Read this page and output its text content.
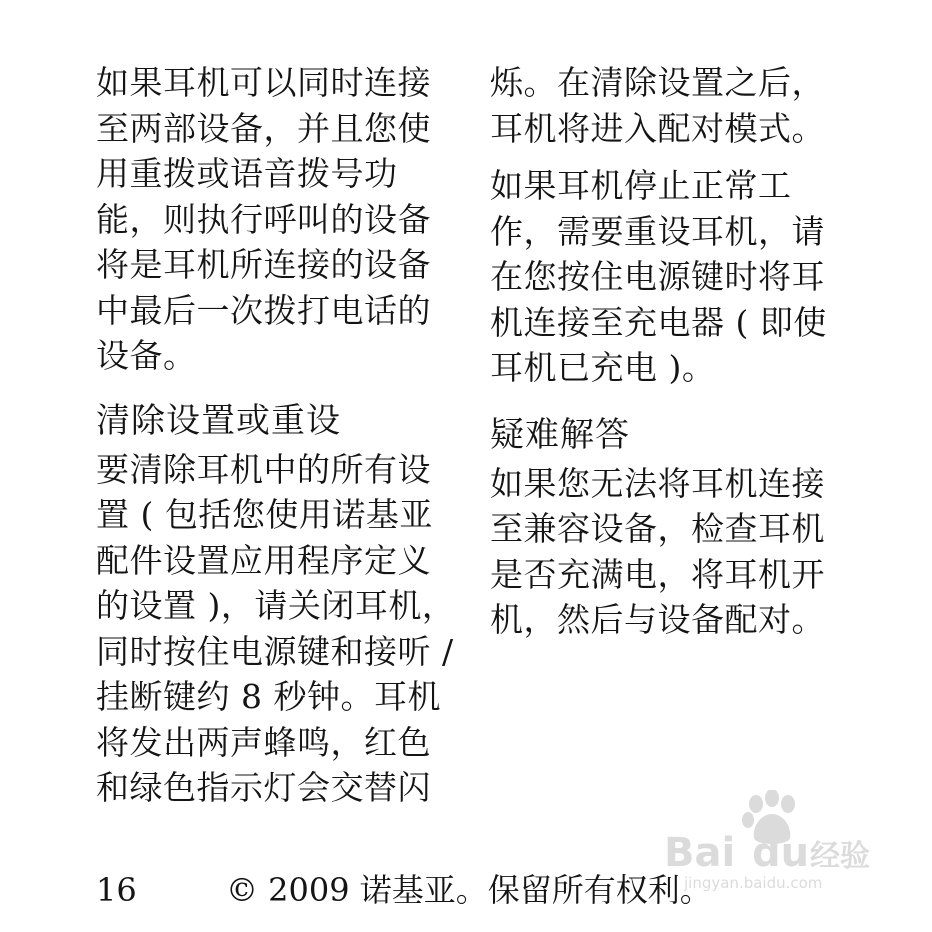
如果耳机可以同时连接
至两部设备，并且您使
用重拨或语音拨号功
能，则执行呼叫的设备
将是耳机所连接的设备
中最后一次拨打电话的
设备。

清除设置或重设

要清除耳机中的所有设
置 ( 包括您使用诺基亚
配件设置应用程序定义
的设置 )，请关闭耳机，
同时按住电源键和接听 /
挂断键约 8 秒钟。耳机
将发出两声蜂鸣，红色
和绿色指示灯会交替闪

烁。在清除设置之后，
耳机将进入配对模式。

如果耳机停止正常工
作，需要重设耳机，请
在您按住电源键时将耳
机连接至充电器 ( 即使
耳机已充电 )。

疑难解答

如果您无法将耳机连接
至兼容设备，检查耳机
是否充满电，将耳机开
机，然后与设备配对。

Bai du 经验
jingyan.baidu.com
16	© 2009 诺基亚。保留所有权利。
